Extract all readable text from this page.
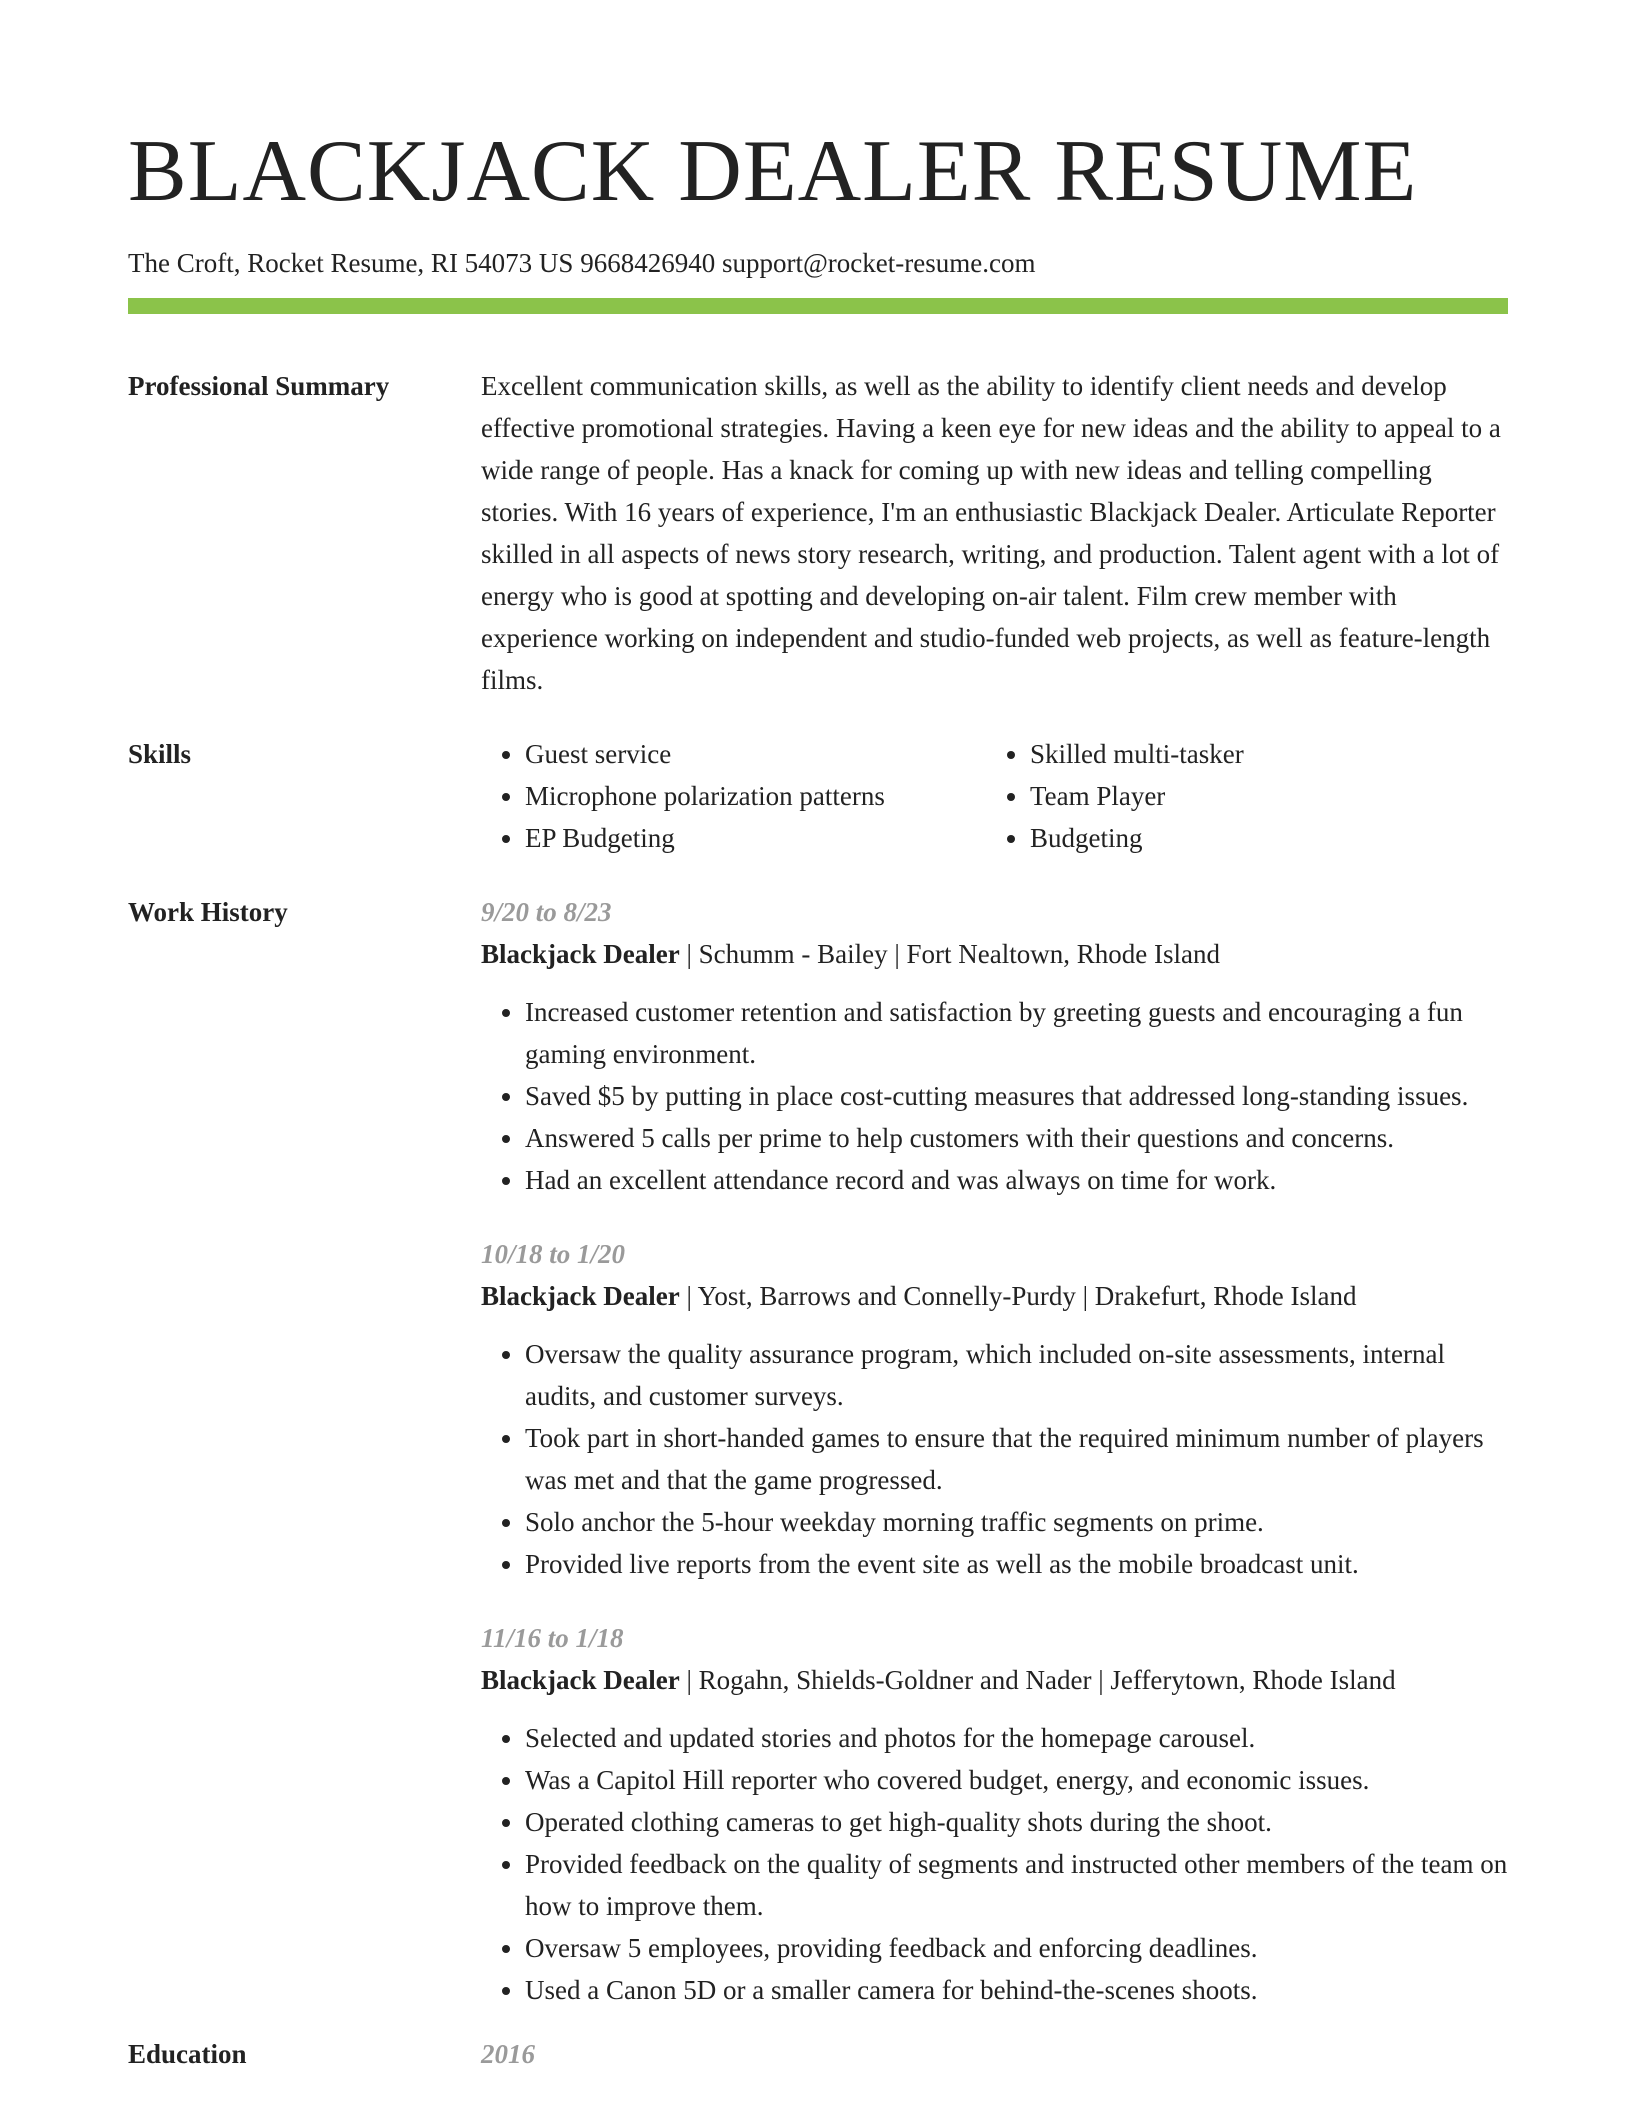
BLACKJACK DEALER RESUME
The Croft, Rocket Resume, RI 54073 US 9668426940 support@rocket-resume.com
Professional Summary	Excellent communication skills, as well as the ability to identify client needs and develop effective promotional strategies. Having a keen eye for new ideas and the ability to appeal to a wide range of people. Has a knack for coming up with new ideas and telling compelling stories. With 16 years of experience, I'm an enthusiastic Blackjack Dealer. Articulate Reporter skilled in all aspects of news story research, writing, and production. Talent agent with a lot of energy who is good at spotting and developing on-air talent. Film crew member with experience working on independent and studio-funded web projects, as well as feature-length films.

Skills
•	Guest service
• Microphone polarization patterns
• EP Budgeting
• Skilled multi-tasker
• Team Player
• Budgeting
Work History	9/20 to 8/23
Blackjack Dealer | Schumm - Bailey | Fort Nealtown, Rhode Island
• Increased customer retention and satisfaction by greeting guests and encouraging a fun gaming environment.
• Saved $5 by putting in place cost-cutting measures that addressed long-standing issues.
• Answered 5 calls per prime to help customers with their questions and concerns.
• Had an excellent attendance record and was always on time for work.
10/18 to 1/20
Blackjack Dealer | Yost, Barrows and Connelly-Purdy | Drakefurt, Rhode Island
• Oversaw the quality assurance program, which included on-site assessments, internal audits, and customer surveys.
• Took part in short-handed games to ensure that the required minimum number of players was met and that the game progressed.
• Solo anchor the 5-hour weekday morning traffic segments on prime.
• Provided live reports from the event site as well as the mobile broadcast unit.
11/16 to 1/18
Blackjack Dealer | Rogahn, Shields-Goldner and Nader | Jefferytown, Rhode Island
• Selected and updated stories and photos for the homepage carousel.
• Was a Capitol Hill reporter who covered budget, energy, and economic issues.
• Operated clothing cameras to get high-quality shots during the shoot.
• Provided feedback on the quality of segments and instructed other members of the team on how to improve them.
• Oversaw 5 employees, providing feedback and enforcing deadlines.
• Used a Canon 5D or a smaller camera for behind-the-scenes shoots.
Education	2016
